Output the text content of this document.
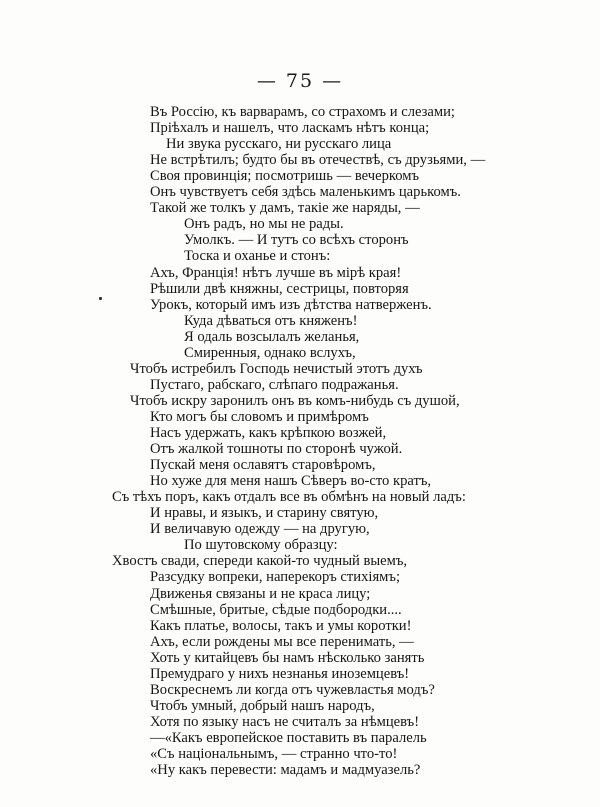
— 75 —
Въ Россію, къ варварамъ, со страхомъ и слезами;
Пріѣхалъ и нашелъ, что ласкамъ нѣтъ конца;
Ни звука русскаго, ни русскаго лица
Не встрѣтилъ; будто бы въ отечествѣ, съ друзьями, —
Своя провинція; посмотришь — вечеркомъ
Онъ чувствуетъ себя здѣсь маленькимъ царькомъ.
Такой же толкъ у дамъ, такіе же наряды, —
Онъ радъ, но мы не рады.
Умолкъ. — И тутъ со всѣхъ сторонъ
Тоска и оханье и стонъ:
Ахъ, Франція! нѣтъ лучше въ мірѣ края!
Рѣшили двѣ княжны, сестрицы, повторяя
Урокъ, который имъ изъ дѣтства натверженъ.
Куда дѣваться отъ княженъ!
Я одаль возсылалъ желанья,
Смиренныя, однако вслухъ,
Чтобъ истребилъ Господь нечистый этотъ духъ
Пустаго, рабскаго, слѣпаго подражанья.
Чтобъ искру заронилъ онъ въ комъ-нибудь съ душой,
Кто могъ бы словомъ и примѣромъ
Насъ удержать, какъ крѣпкою возжей,
Отъ жалкой тошноты по сторонѣ чужой.
Пускай меня ославятъ старовѣромъ,
Но хуже для меня нашъ Сѣверъ во-сто кратъ,
Съ тѣхъ поръ, какъ отдалъ все въ обмѣнъ на новый ладъ:
И нравы, и языкъ, и старину святую,
И величавую одежду — на другую,
По шутовскому образцу:
Хвостъ свади, спереди какой-то чудный выемъ,
Разсудку вопреки, наперекоръ стихіямъ;
Движенья связаны и не краса лицу;
Смѣшные, бритые, сѣдые подбородки....
Какъ платье, волосы, такъ и умы коротки!
Ахъ, если рождены мы все перенимать, —
Хоть у китайцевъ бы намъ нѣсколько занять
Премудраго у нихъ незнанья иноземцевъ!
Воскреснемъ ли когда отъ чужевластья модъ?
Чтобъ умный, добрый нашъ народъ,
Хотя по языку насъ не считалъ за нѣмцевъ!
—«Какъ европейское поставить въ паралель
«Съ національнымъ, — странно что-то!
«Ну какъ перевести: мадамъ и мадмуазель?
